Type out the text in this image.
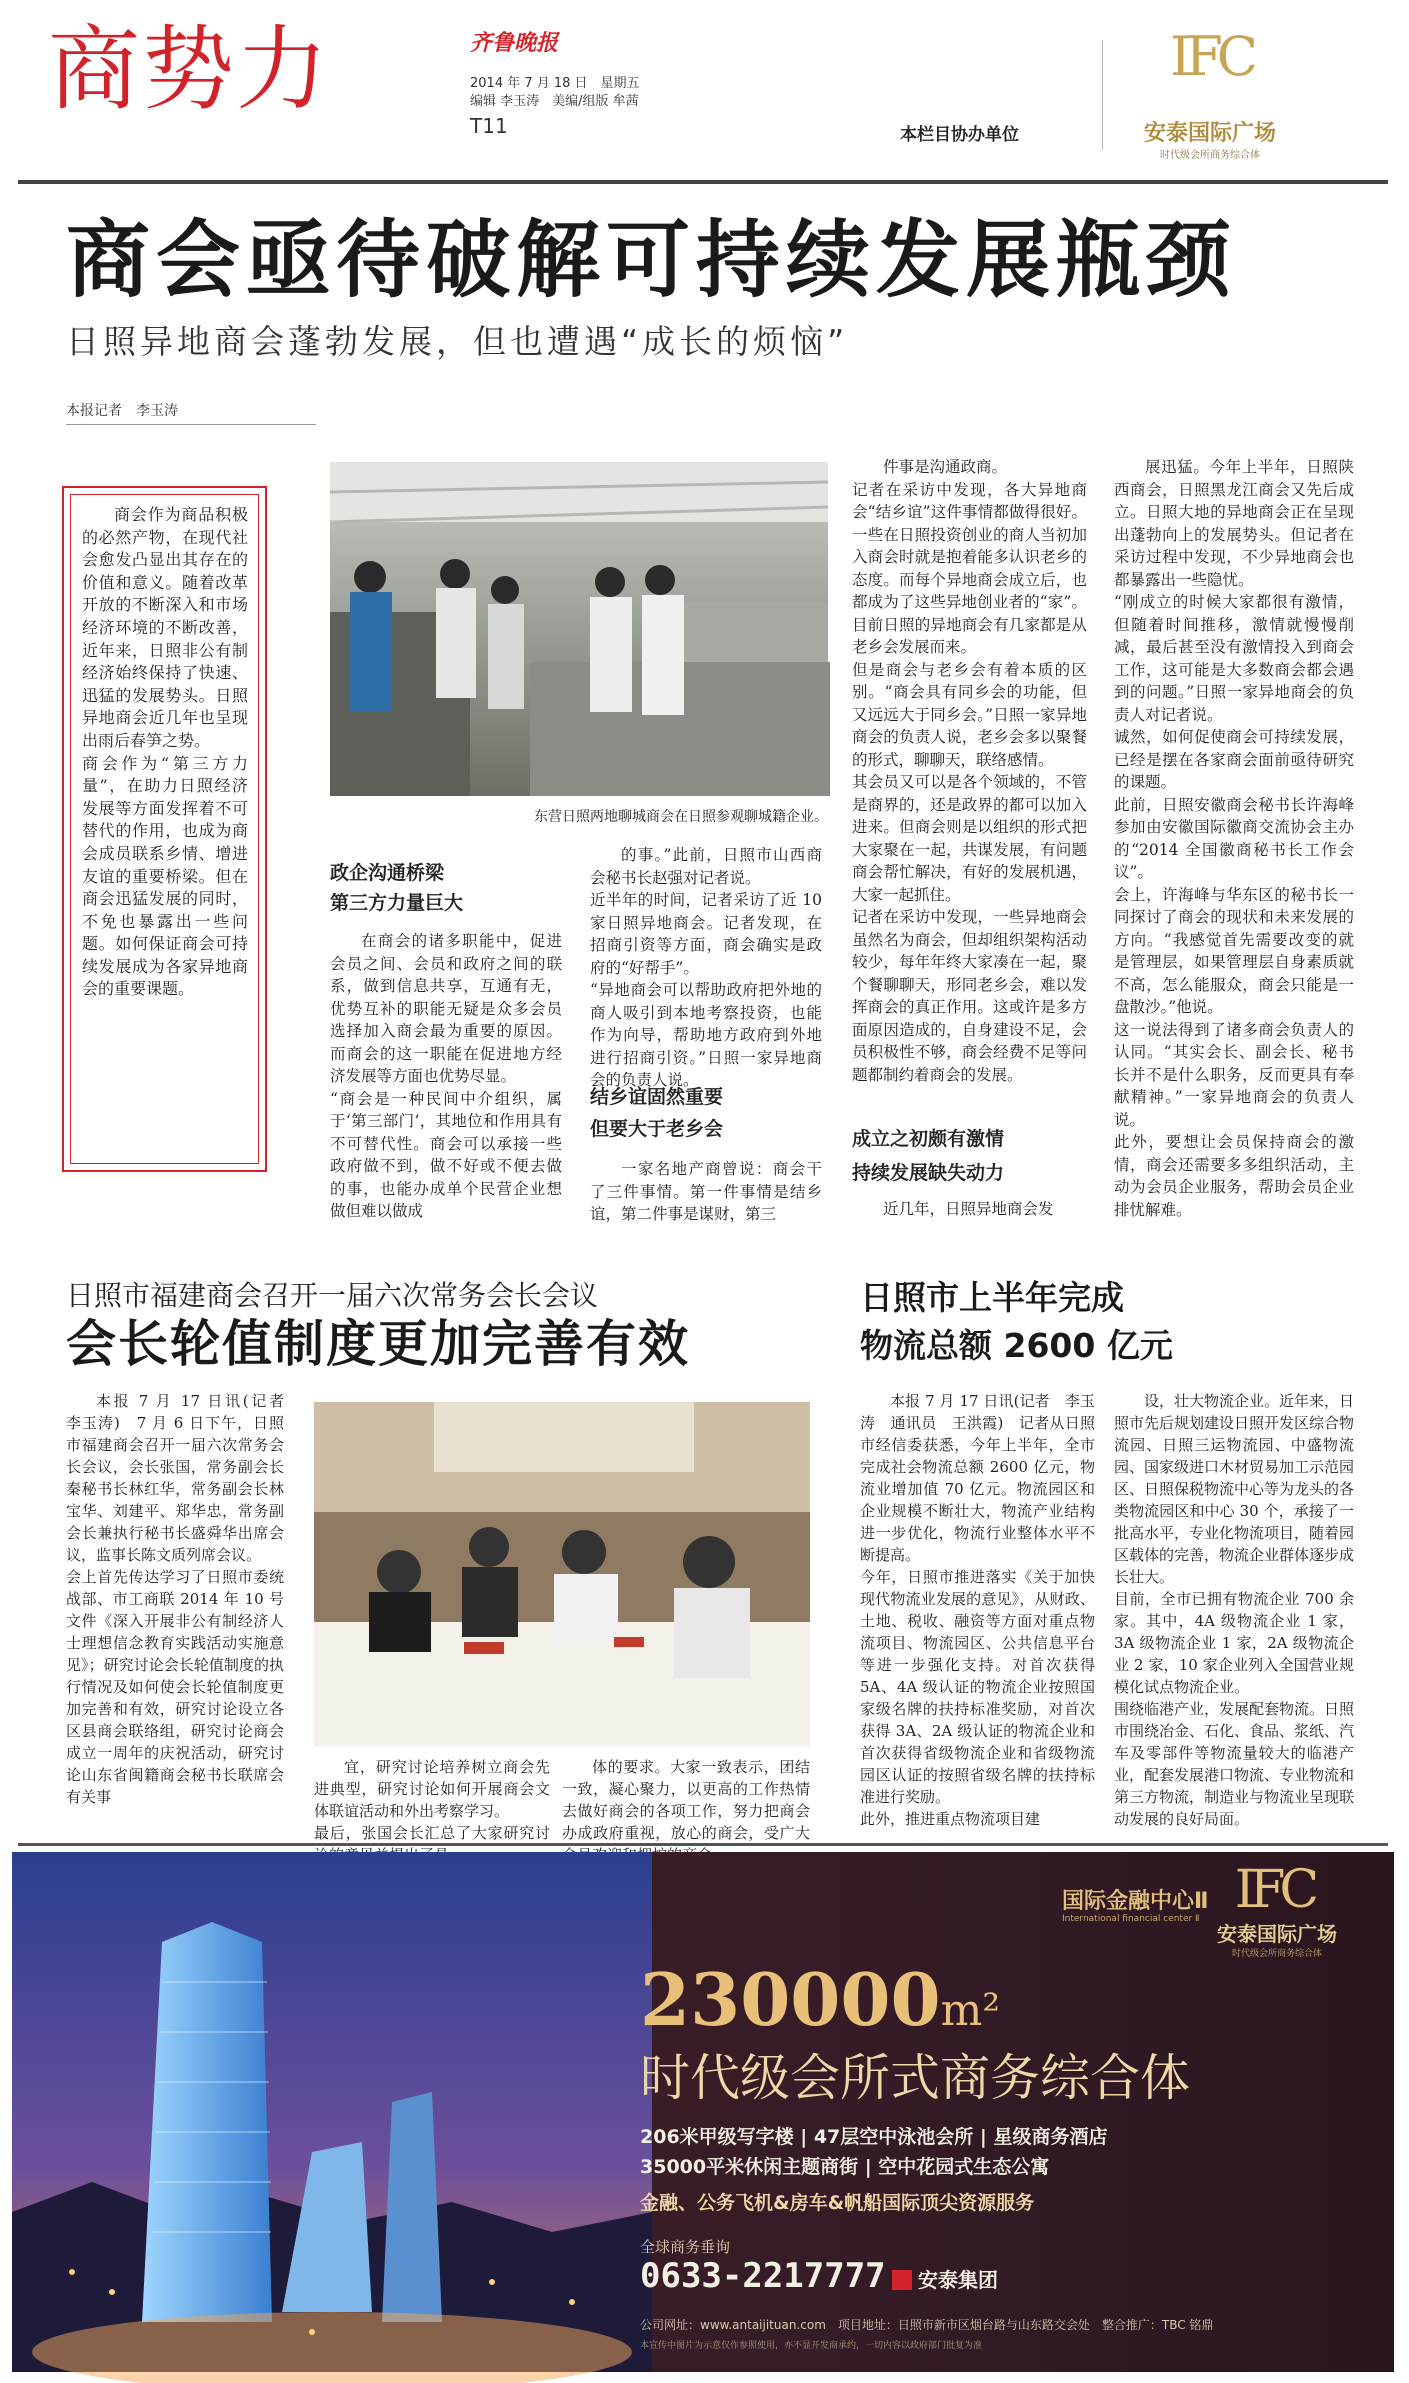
商势力	齐鲁晚报
2014 年 7 月 18 日　星期五
编辑 李玉涛　美编/组版 牟茜
T11	本栏目协办单位
IFC
安泰国际广场
时代级会所商务综合体
商会亟待破解可持续发展瓶颈
日照异地商会蓬勃发展，但也遭遇“成长的烦恼”
本报记者　李玉涛
商会作为商品积极的必然产物，在现代社会愈发凸显出其存在的价值和意义。随着改革开放的不断深入和市场经济环境的不断改善，近年来，日照非公有制经济始终保持了快速、迅猛的发展势头。日照异地商会近几年也呈现出雨后春笋之势。
商会作为“第三方力量”，在助力日照经济发展等方面发挥着不可替代的作用，也成为商会成员联系乡情、增进友谊的重要桥梁。但在商会迅猛发展的同时，不免也暴露出一些问题。如何保证商会可持续发展成为各家异地商会的重要课题。
东营日照两地聊城商会在日照参观聊城籍企业。
政企沟通桥梁
第三方力量巨大
在商会的诸多职能中，促进会员之间、会员和政府之间的联系，做到信息共享，互通有无，优势互补的职能无疑是众多会员选择加入商会最为重要的原因。而商会的这一职能在促进地方经济发展等方面也优势尽显。
“商会是一种民间中介组织，属于‘第三部门’，其地位和作用具有不可替代性。商会可以承接一些政府做不到，做不好或不便去做的事，也能办成单个民营企业想做但难以做成
的事。”此前，日照市山西商会秘书长赵强对记者说。
近半年的时间，记者采访了近 10 家日照异地商会。记者发现，在招商引资等方面，商会确实是政府的“好帮手”。
“异地商会可以帮助政府把外地的商人吸引到本地考察投资，也能作为向导，帮助地方政府到外地进行招商引资。”日照一家异地商会的负责人说。
结乡谊固然重要
但要大于老乡会
一家名地产商曾说：商会干了三件事情。第一件事情是结乡谊，第二件事是谋财，第三
件事是沟通政商。
记者在采访中发现，各大异地商会“结乡谊”这件事情都做得很好。一些在日照投资创业的商人当初加入商会时就是抱着能多认识老乡的态度。而每个异地商会成立后，也都成为了这些异地创业者的“家”。目前日照的异地商会有几家都是从老乡会发展而来。
但是商会与老乡会有着本质的区别。“商会具有同乡会的功能，但又远远大于同乡会。”日照一家异地商会的负责人说，老乡会多以聚餐的形式，聊聊天，联络感情。
其会员又可以是各个领域的，不管是商界的，还是政界的都可以加入进来。但商会则是以组织的形式把大家聚在一起，共谋发展，有问题商会帮忙解决，有好的发展机遇，大家一起抓住。
记者在采访中发现，一些异地商会虽然名为商会，但却组织架构活动较少，每年年终大家凑在一起，聚个餐聊聊天，形同老乡会，难以发挥商会的真正作用。这或许是多方面原因造成的，自身建设不足，会员积极性不够，商会经费不足等问题都制约着商会的发展。
成立之初颇有激情
持续发展缺失动力
近几年，日照异地商会发
展迅猛。今年上半年，日照陕西商会，日照黑龙江商会又先后成立。日照大地的异地商会正在呈现出蓬勃向上的发展势头。但记者在采访过程中发现，不少异地商会也都暴露出一些隐忧。
“刚成立的时候大家都很有激情，但随着时间推移，激情就慢慢削减，最后甚至没有激情投入到商会工作，这可能是大多数商会都会遇到的问题。”日照一家异地商会的负责人对记者说。
诚然，如何促使商会可持续发展，已经是摆在各家商会面前亟待研究的课题。
此前，日照安徽商会秘书长许海峰参加由安徽国际徽商交流协会主办的“2014 全国徽商秘书长工作会议”。
会上，许海峰与华东区的秘书长一同探讨了商会的现状和未来发展的方向。“我感觉首先需要改变的就是管理层，如果管理层自身素质就不高，怎么能服众，商会只能是一盘散沙。”他说。
这一说法得到了诸多商会负责人的认同。“其实会长、副会长、秘书长并不是什么职务，反而更具有奉献精神。”一家异地商会的负责人说。
此外，要想让会员保持商会的激情，商会还需要多多组织活动，主动为会员企业服务，帮助会员企业排忧解难。
日照市福建商会召开一届六次常务会长会议
会长轮值制度更加完善有效
本报 7 月 17 日讯(记者　李玉涛)　7 月 6 日下午，日照市福建商会召开一届六次常务会长会议，会长张国，常务副会长秦秘书长林红华，常务副会长林宝华、刘建平、郑华忠，常务副会长兼执行秘书长盛舜华出席会议，监事长陈文质列席会议。
会上首先传达学习了日照市委统战部、市工商联 2014 年 10 号文件《深入开展非公有制经济人士理想信念教育实践活动实施意见》；研究讨论会长轮值制度的执行情况及如何使会长轮值制度更加完善和有效，研究讨论设立各区县商会联络组，研究讨论商会成立一周年的庆祝活动，研究讨论山东省闽籍商会秘书长联席会有关事
宜，研究讨论培养树立商会先进典型，研究讨论如何开展商会文体联谊活动和外出考察学习。
最后，张国会长汇总了大家研究讨
体的要求。大家一致表示，团结一致，凝心聚力，以更高的工作热情去做好商会的各项工作，努力把商会办成政府重视，放心的商会，受广大
日照市上半年完成
物流总额 2600 亿元
本报 7 月 17 日讯(记者　李玉涛　通讯员　王洪霞)　记者从日照市经信委获悉，今年上半年，全市完成社会物流总额 2600 亿元，物流业增加值 70 亿元。物流园区和企业规模不断壮大，物流产业结构进一步优化，物流行业整体水平不断提高。
今年，日照市推进落实《关于加快现代物流业发展的意见》，从财政、土地、税收、融资等方面对重点物流项目、物流园区、公共信息平台等进一步强化支持。对首次获得 5A、4A 级认证的物流企业按照国家级名牌的扶持标准奖励，对首次获得 3A、2A 级认证的物流企业和首次获得省级物流企业和省级物流园区认证的按照省级名牌的扶持标准进行奖励。
此外，推进重点物流项目建
设，壮大物流企业。近年来，日照市先后规划建设日照开发区综合物流园、日照三运物流园、中盛物流园、国家级进口木材贸易加工示范园区、日照保税物流中心等为龙头的各类物流园区和中心 30 个，承接了一批高水平，专业化物流项目，随着园区载体的完善，物流企业群体逐步成长壮大。
目前，全市已拥有物流企业 700 余家。其中，4A 级物流企业 1 家，3A 级物流企业 1 家，2A 级物流企业 2 家，10 家企业列入全国营业规模化试点物流企业。
围绕临港产业，发展配套物流。日照市围绕冶金、石化、食品、浆纸、汽车及零部件等物流量较大的临港产业，配套发展港口物流、专业物流和第三方物流，制造业与物流业呈现联动发展的良好局面。
国际金融中心Ⅱ
International financial center Ⅱ IFC
安泰国际广场
时代级会所商务综合体
230000m²
时代级会所式商务综合体
206米甲级写字楼 | 47层空中泳池会所 | 星级商务酒店
35000平米休闲主题商街 | 空中花园式生态公寓
金融、公务飞机&房车&帆船国际顶尖资源服务
全球商务垂询
0633-2217777	安泰集团
公司网址：www.antaijituan.com　项目地址：日照市新市区烟台路与山东路交会处　整合推广：TBC 铭鼎
本宣传中图片为示意仅作参照使用，亦不显开发商承约，一切内容以政府部门批复为准
